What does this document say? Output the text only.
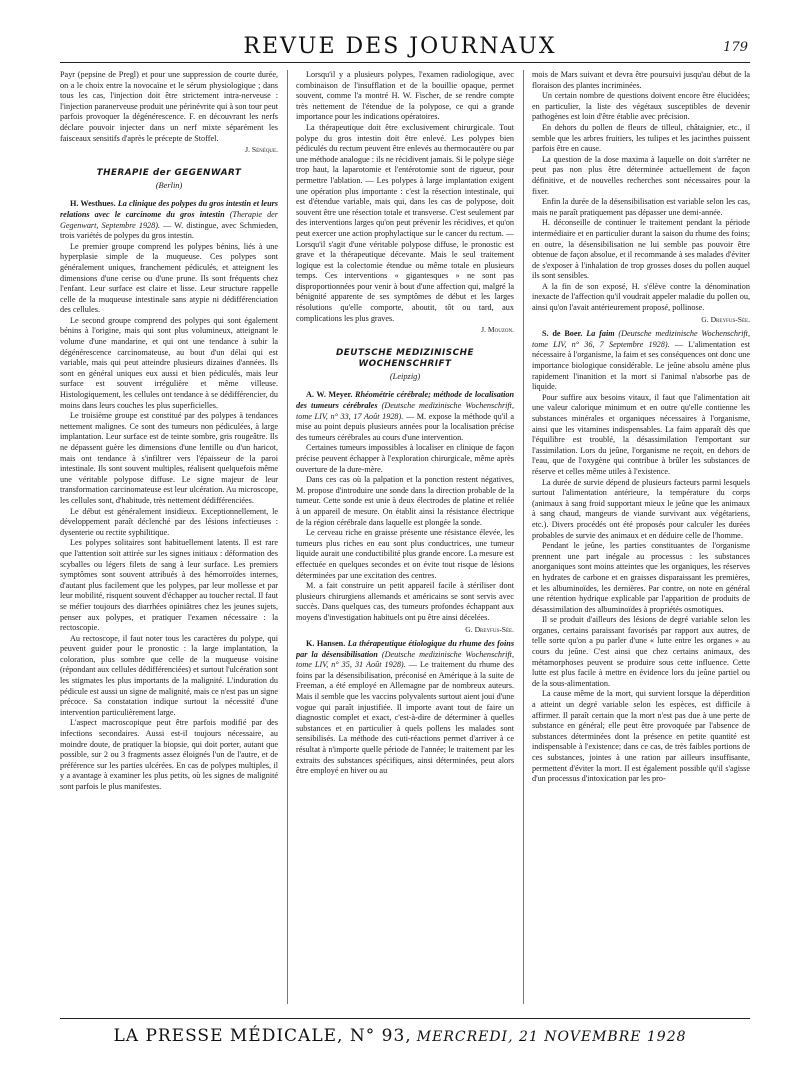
REVUE DES JOURNAUX	179

Payr (pepsine de Pregl) et pour une suppression de courte durée, on a le choix entre la novocaïne et le sérum physiologique ; dans tous les cas, l'injection doit être strictement intra-nerveuse : l'injection paranerveuse produit une périnévrite qui à son tour peut parfois provoquer la dégénérescence. F. en découvrant les nerfs déclare pouvoir injecter dans un nerf mixte séparément les faisceaux sensitifs d'après le précepte de Stoffel.

J. Sénèque.
THERAPIE der GEGENWART
(Berlin)

H. Westhues. La clinique des polypes du gros intestin et leurs relations avec le carcinome du gros intestin (Therapie der Gegenwart, Septembre 1928). — W. distingue, avec Schmieden, trois variétés de polypes du gros intestin.

Le premier groupe comprend les polypes bénins, liés à une hyperplasie simple de la muqueuse. Ces polypes sont généralement uniques, franchement pédiculés, et atteignent les dimensions d'une cerise ou d'une prune. Ils sont fréquents chez l'enfant. Leur surface est claire et lisse. Leur structure rappelle celle de la muqueuse intestinale sans atypie ni dédifférenciation des cellules.

Le second groupe comprend des polypes qui sont également bénins à l'origine, mais qui sont plus volumineux, atteignant le volume d'une mandarine, et qui ont une tendance à subir la dégénérescence carcinomateuse, au bout d'un délai qui est variable, mais qui peut atteindre plusieurs dizaines d'années. Ils sont en général uniques eux aussi et bien pédiculés, mais leur surface est souvent irrégulière et même villeuse. Histologiquement, les cellules ont tendance à se dédifférencier, du moins dans leurs couches les plus superficielles.

Le troisième groupe est constitué par des polypes à tendances nettement malignes. Ce sont des tumeurs non pédiculées, à large implantation. Leur surface est de teinte sombre, gris rougeâtre. Ils ne dépassent guère les dimensions d'une lentille ou d'un haricot, mais ont tendance à s'infiltrer vers l'épaisseur de la paroi intestinale. Ils sont souvent multiples, réalisent quelquefois même une véritable polypose diffuse. Le signe majeur de leur transformation carcinomateuse est leur ulcération. Au microscope, les cellules sont, d'habitude, très nettement dédifférenciées.

Le début est généralement insidieux. Exceptionnellement, le développement paraît déclenché par des lésions infectieuses : dysenterie ou rectite syphilitique.

Les polypes solitaires sont habituellement latents. Il est rare que l'attention soit attirée sur les signes initiaux : déformation des scyballes ou légers filets de sang à leur surface. Les premiers symptômes sont souvent attribués à des hémorroïdes internes, d'autant plus facilement que les polypes, par leur mollesse et par leur mobilité, risquent souvent d'échapper au toucher rectal. Il faut se méfier toujours des diarrhées opiniâtres chez les jeunes sujets, penser aux polypes, et pratiquer l'examen nécessaire : la rectoscopie.

Au rectoscope, il faut noter tous les caractères du polype, qui peuvent guider pour le pronostic : la large implantation, la coloration, plus sombre que celle de la muqueuse voisine (répondant aux cellules dédifférenciées) et surtout l'ulcération sont les stigmates les plus importants de la malignité. L'induration du pédicule est aussi un signe de malignité, mais ce n'est pas un signe précoce. Sa constatation indique surtout la nécessité d'une intervention particulièrement large.

L'aspect macroscopique peut être parfois modifié par des infections secondaires. Aussi est-il toujours nécessaire, au moindre doute, de pratiquer la biopsie, qui doit porter, autant que possible, sur 2 ou 3 fragments assez éloignés l'un de l'autre, et de préférence sur les parties ulcérées. En cas de polypes multiples, il y a avantage à examiner les plus petits, où les signes de malignité sont parfois le plus manifestes.

Lorsqu'il y a plusieurs polypes, l'examen radiologique, avec combinaison de l'insufflation et de la bouillie opaque, permet souvent, comme l'a montré H. W. Fischer, de se rendre compte très nettement de l'étendue de la polypose, ce qui a grande importance pour les indications opératoires.

La thérapeutique doit être exclusivement chirurgicale. Tout polype du gros intestin doit être enlevé. Les polypes bien pédiculés du rectum peuvent être enlevés au thermocautère ou par une méthode analogue : ils ne récidivent jamais. Si le polype siège trop haut, la laparotomie et l'entérotomie sont de rigueur, pour permettre l'ablation. — Les polypes à large implantation exigent une opération plus importante : c'est la résection intestinale, qui est d'étendue variable, mais qui, dans les cas de polypose, doit souvent être une résection totale et transverse. C'est seulement par des interventions larges qu'on peut prévenir les récidives, et qu'on peut exercer une action prophylactique sur le cancer du rectum. — Lorsqu'il s'agit d'une véritable polypose diffuse, le pronostic est grave et la thérapeutique décevante. Mais le seul traitement logique est la colectomie étendue ou même totale en plusieurs temps. Ces interventions « gigantesques » ne sont pas disproportionnées pour venir à bout d'une affection qui, malgré la bénignité apparente de ses symptômes de début et les larges résolutions qu'elle comporte, aboutit, tôt ou tard, aux complications les plus graves.

J. Mouzon.
DEUTSCHE MEDIZINISCHE WOCHENSCHRIFT
(Leipzig)

A. W. Meyer. Rhéométrie cérébrale; méthode de localisation des tumeurs cérébrales (Deutsche medizinische Wochenschrift, tome LIV, n° 33, 17 Août 1928). — M. expose la méthode qu'il a mise au point depuis plusieurs années pour la localisation précise des tumeurs cérébrales au cours d'une intervention.

Certaines tumeurs impossibles à localiser en clinique de façon précise peuvent échapper à l'exploration chirurgicale, même après ouverture de la dure-mère.

Dans ces cas où la palpation et la ponction restent négatives, M. propose d'introduire une sonde dans la direction probable de la tumeur. Cette sonde est unie à deux électrodes de platine et reliée à un appareil de mesure. On établit ainsi la résistance électrique de la région cérébrale dans laquelle est plongée la sonde.

Le cerveau riche en graisse présente une résistance élevée, les tumeurs plus riches en eau sont plus conductrices, une tumeur liquide aurait une conductibilité plus grande encore. La mesure est effectuée en quelques secondes et on évite tout risque de lésions déterminées par une excitation des centres.

M. a fait construire un petit appareil facile à stériliser dont plusieurs chirurgiens allemands et américains se sont servis avec succès. Dans quelques cas, des tumeurs profondes échappant aux moyens d'investigation habituels ont pu être ainsi décelées.

G. Dreyfus-Sée.

K. Hansen. La thérapeutique étiologique du rhume des foins par la désensibilisation (Deutsche medizinische Wochenschrift, tome LIV, n° 35, 31 Août 1928). — Le traitement du rhume des foins par la désensibilisation, préconisé en Amérique à la suite de Freeman, a été employé en Allemagne par de nombreux auteurs. Mais il semble que les vaccins polyvalents surtout aient joui d'une vogue qui paraît injustifiée. Il importe avant tout de faire un diagnostic complet et exact, c'est-à-dire de déterminer à quelles substances et en particulier à quels pollens les malades sont sensibilisés. La méthode des cuti-réactions permet d'arriver à ce résultat à n'importe quelle période de l'année; le traitement par les extraits des substances spécifiques, ainsi déterminées, peut alors être employé en hiver ou au

mois de Mars suivant et devra être poursuivi jusqu'au début de la floraison des plantes incriminées.

Un certain nombre de questions doivent encore être élucidées; en particulier, la liste des végétaux susceptibles de devenir pathogènes est loin d'être établie avec précision.

En dehors du pollen de fleurs de tilleul, châtaignier, etc., il semble que les arbres fruitiers, les tulipes et les jacinthes puissent parfois être en cause.

La question de la dose maxima à laquelle on doit s'arrêter ne peut pas non plus être déterminée actuellement de façon définitive, et de nouvelles recherches sont nécessaires pour la fixer.

Enfin la durée de la désensibilisation est variable selon les cas, mais ne paraît pratiquement pas dépasser une demi-année.

H. déconseille de continuer le traitement pendant la période intermédiaire et en particulier durant la saison du rhume des foins; en outre, la désensibilisation ne lui semble pas pouvoir être obtenue de façon absolue, et il recommande à ses malades d'éviter de s'exposer à l'inhalation de trop grosses doses du pollen auquel ils sont sensibles.

A la fin de son exposé, H. s'élève contre la dénomination inexacte de l'affection qu'il voudrait appeler maladie du pollen ou, ainsi qu'on l'avait antérieurement proposé, pollinose.

G. Dreyfus-Sée.

S. de Boer. La faim (Deutsche medizinische Wochenschrift, tome LIV, n° 36, 7 Septembre 1928). — L'alimentation est nécessaire à l'organisme, la faim et ses conséquences ont donc une importance biologique considérable. Le jeûne absolu amène plus rapidement l'inanition et la mort si l'animal n'absorbe pas de liquide.

Pour suffire aux besoins vitaux, il faut que l'alimentation ait une valeur calorique minimum et en outre qu'elle contienne les substances minérales et organiques nécessaires à l'organisme, ainsi que les vitamines indispensables. La faim apparaît dès que l'équilibre est troublé, la désassimilation l'emportant sur l'assimilation. Lors du jeûne, l'organisme ne reçoit, en dehors de l'eau, que de l'oxygène qui contribue à brûler les substances de réserve et celles même utiles à l'existence.

La durée de survie dépend de plusieurs facteurs parmi lesquels surtout l'alimentation antérieure, la température du corps (animaux à sang froid supportant mieux le jeûne que les animaux à sang chaud, mangeurs de viande survivant aux végétariens, etc.). Divers procédés ont été proposés pour calculer les durées probables de survie des animaux et en déduire celle de l'homme.

Pendant le jeûne, les parties constituantes de l'organisme prennent une part inégale au processus : les substances anorganiques sont moins atteintes que les organiques, les réserves en hydrates de carbone et en graisses disparaissant les premières, et les albuminoïdes, les dernières. Par contre, on note en général une rétention hydrique explicable par l'apparition de produits de désassimilation des albuminoïdes à propriétés osmotiques.

Il se produit d'ailleurs des lésions de degré variable selon les organes, certains paraissant favorisés par rapport aux autres, de telle sorte qu'on a pu parler d'une « lutte entre les organes » au cours du jeûne. C'est ainsi que chez certains animaux, des métamorphoses peuvent se produire sous cette influence. Cette lutte est plus facile à mettre en évidence lors du jeûne partiel ou de la sous-alimentation.

La cause même de la mort, qui survient lorsque la déperdition a atteint un degré variable selon les espèces, est difficile à affirmer. Il paraît certain que la mort n'est pas due à une perte de substance en général; elle peut être provoquée par l'absence de substances déterminées dont la présence en petite quantité est indispensable à l'existence; dans ce cas, de très faibles portions de ces substances, jointes à une ration par ailleurs insuffisante, permettent d'éviter la mort. Il est également possible qu'il s'agisse d'un processus d'intoxication par les pro-

LA PRESSE MÉDICALE, N° 93, MERCREDI, 21 NOVEMBRE 1928
